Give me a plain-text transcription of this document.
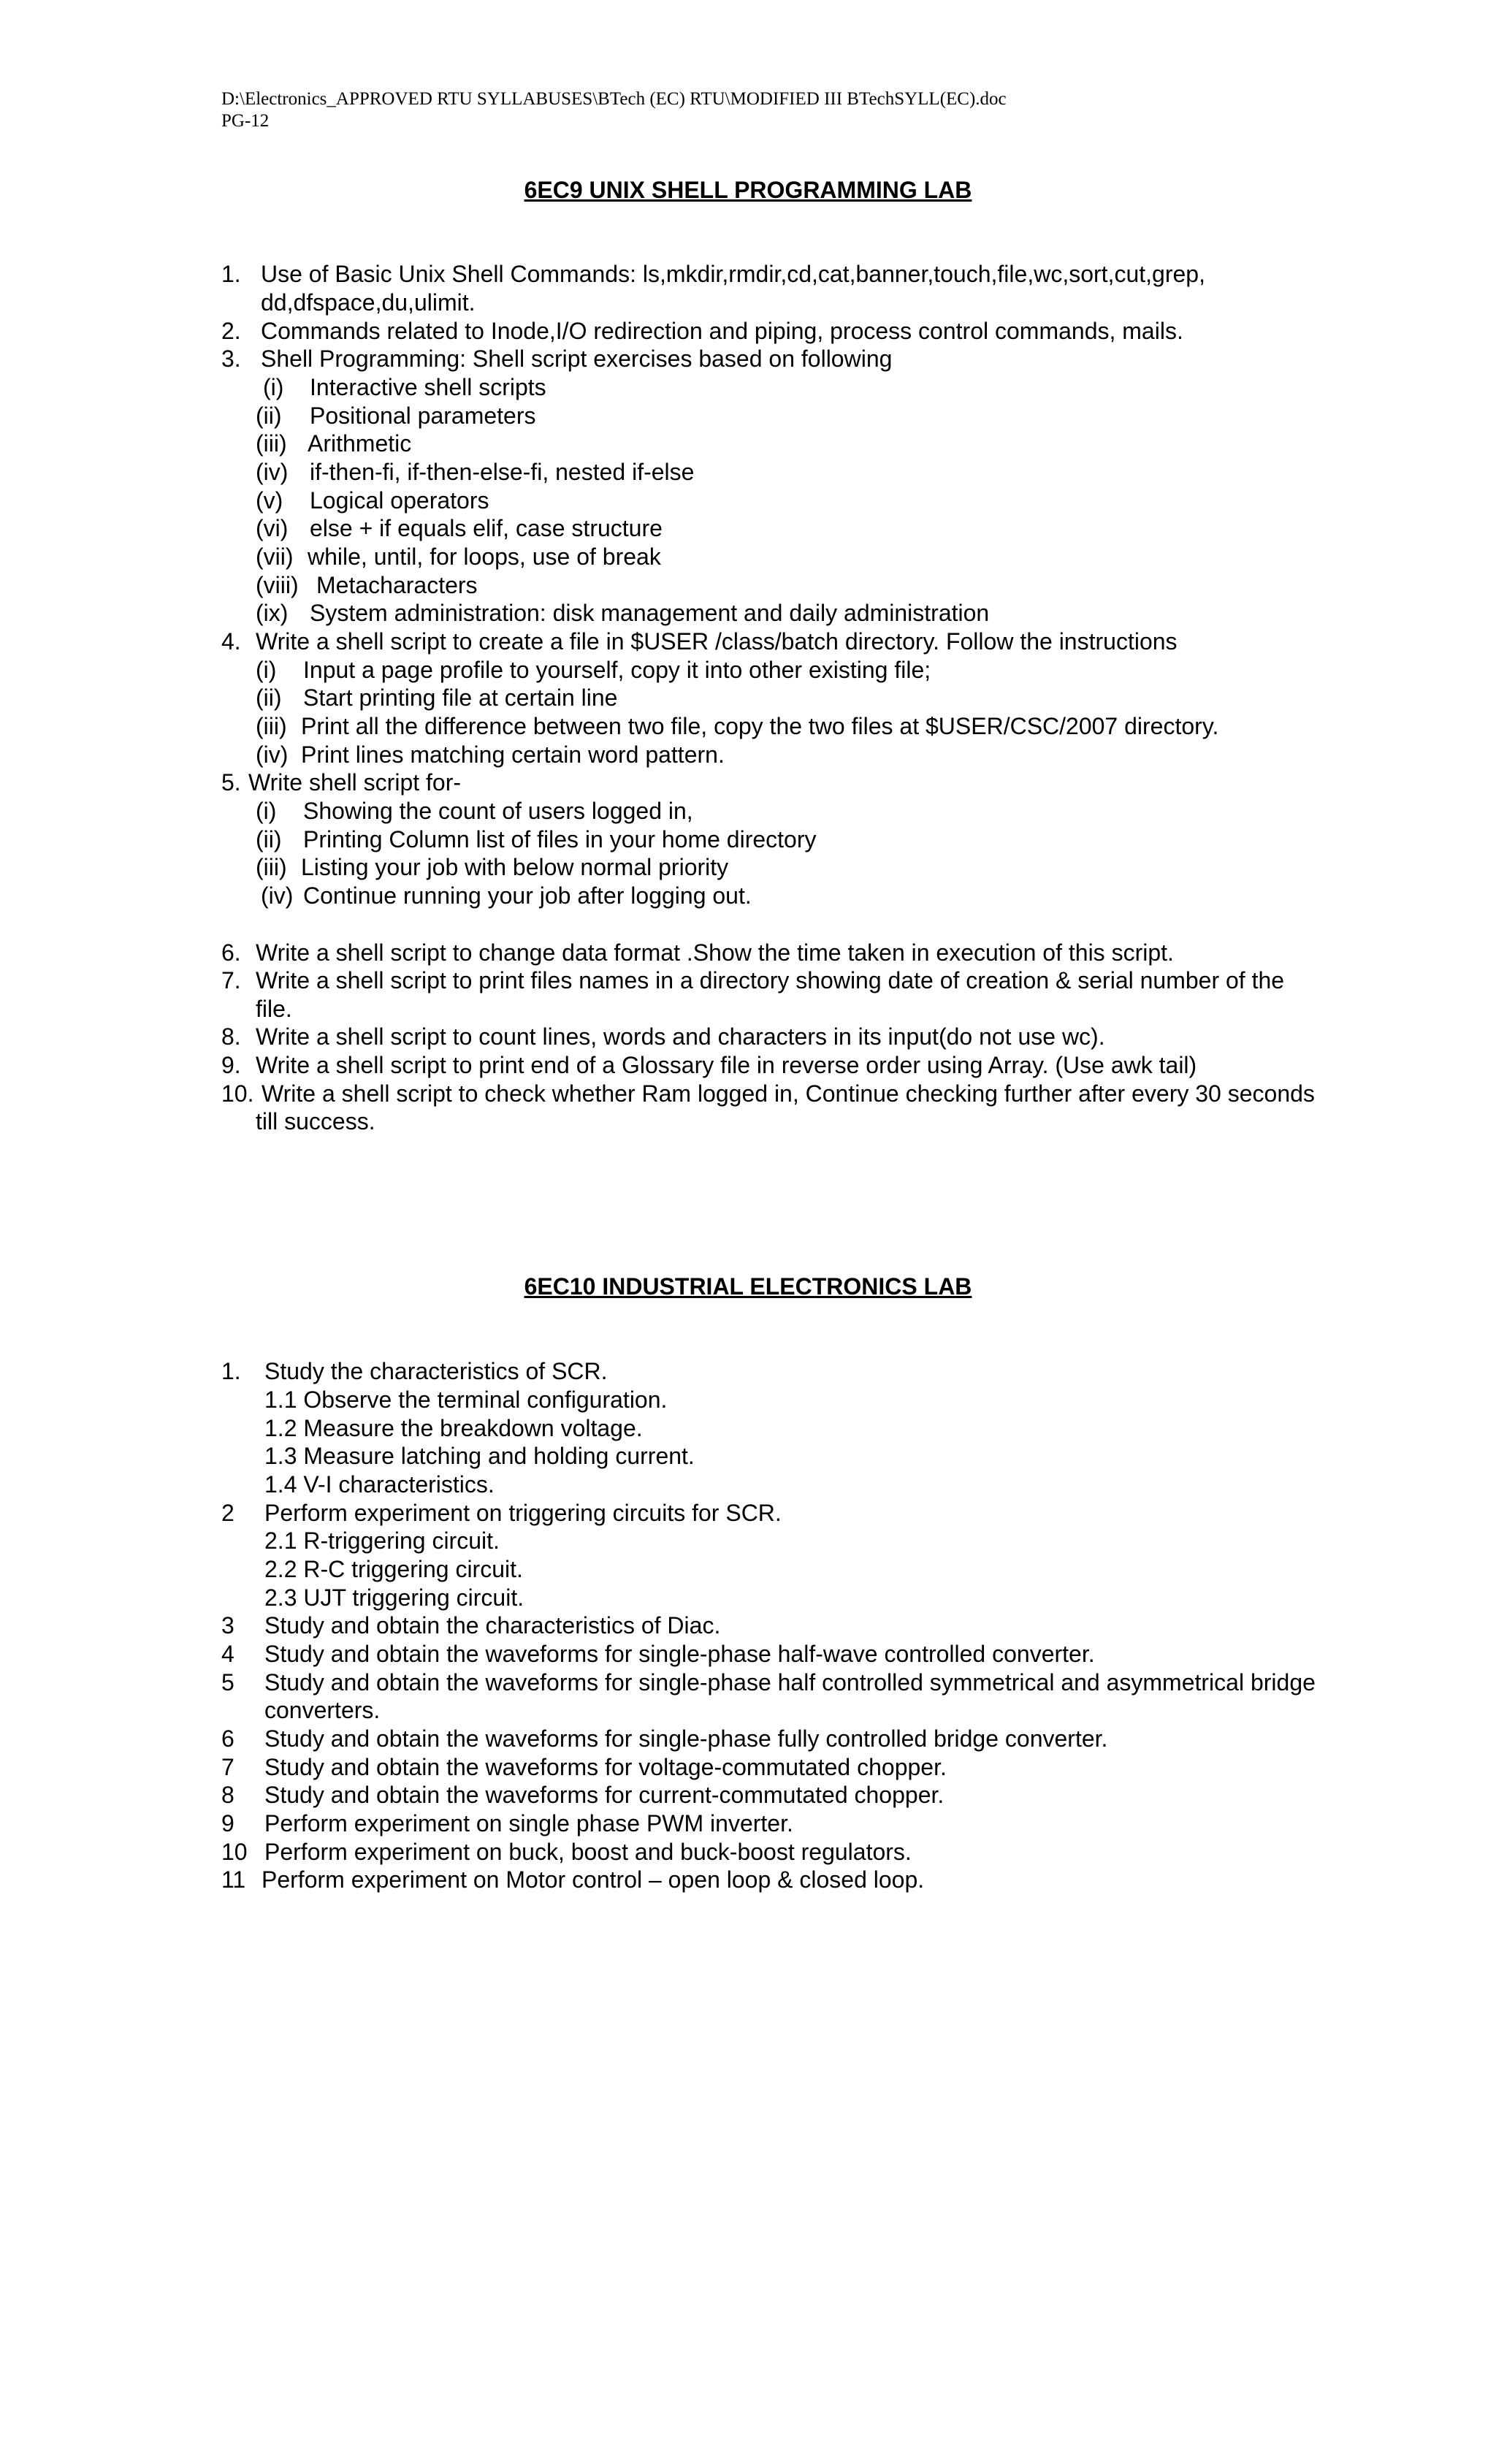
D:\Electronics_APPROVED RTU SYLLABUSES\BTech (EC) RTU\MODIFIED III BTechSYLL(EC).doc
PG-12
6EC9 UNIX SHELL PROGRAMMING LAB
1. Use of Basic Unix Shell Commands: ls,mkdir,rmdir,cd,cat,banner,touch,file,wc,sort,cut,grep,
dd,dfspace,du,ulimit.
2. Commands related to Inode,I/O redirection and piping, process control commands, mails.
3. Shell Programming: Shell script exercises based on following
(i) Interactive shell scripts
(ii) Positional parameters
(iii) Arithmetic
(iv) if-then-fi, if-then-else-fi, nested if-else
(v) Logical operators
(vi) else + if equals elif, case structure
(vii) while, until, for loops, use of break
(viii) Metacharacters
(ix) System administration: disk management and daily administration
4. Write a shell script to create a file in $USER /class/batch directory. Follow the instructions
(i) Input a page profile to yourself, copy it into other existing file;
(ii) Start printing file at certain line
(iii) Print all the difference between two file, copy the two files at $USER/CSC/2007 directory.
(iv) Print lines matching certain word pattern.
5. Write shell script for-
(i) Showing the count of users logged in,
(ii) Printing Column list of files in your home directory
(iii) Listing your job with below normal priority
(iv) Continue running your job after logging out.
6. Write a shell script to change data format .Show the time taken in execution of this script.
7. Write a shell script to print files names in a directory showing date of creation & serial number of the
file.
8. Write a shell script to count lines, words and characters in its input(do not use wc).
9. Write a shell script to print end of a Glossary file in reverse order using Array. (Use awk tail)
10. Write a shell script to check whether Ram logged in, Continue checking further after every 30 seconds
till success.
6EC10 INDUSTRIAL ELECTRONICS LAB
1. Study the characteristics of SCR.
1.1 Observe the terminal configuration.
1.2 Measure the breakdown voltage.
1.3 Measure latching and holding current.
1.4 V-I characteristics.
2 Perform experiment on triggering circuits for SCR.
2.1 R-triggering circuit.
2.2 R-C triggering circuit.
2.3 UJT triggering circuit.
3 Study and obtain the characteristics of Diac.
4 Study and obtain the waveforms for single-phase half-wave controlled converter.
5 Study and obtain the waveforms for single-phase half controlled symmetrical and asymmetrical bridge
converters.
6 Study and obtain the waveforms for single-phase fully controlled bridge converter.
7 Study and obtain the waveforms for voltage-commutated chopper.
8 Study and obtain the waveforms for current-commutated chopper.
9 Perform experiment on single phase PWM inverter.
10 Perform experiment on buck, boost and buck-boost regulators.
11 Perform experiment on Motor control – open loop & closed loop.
